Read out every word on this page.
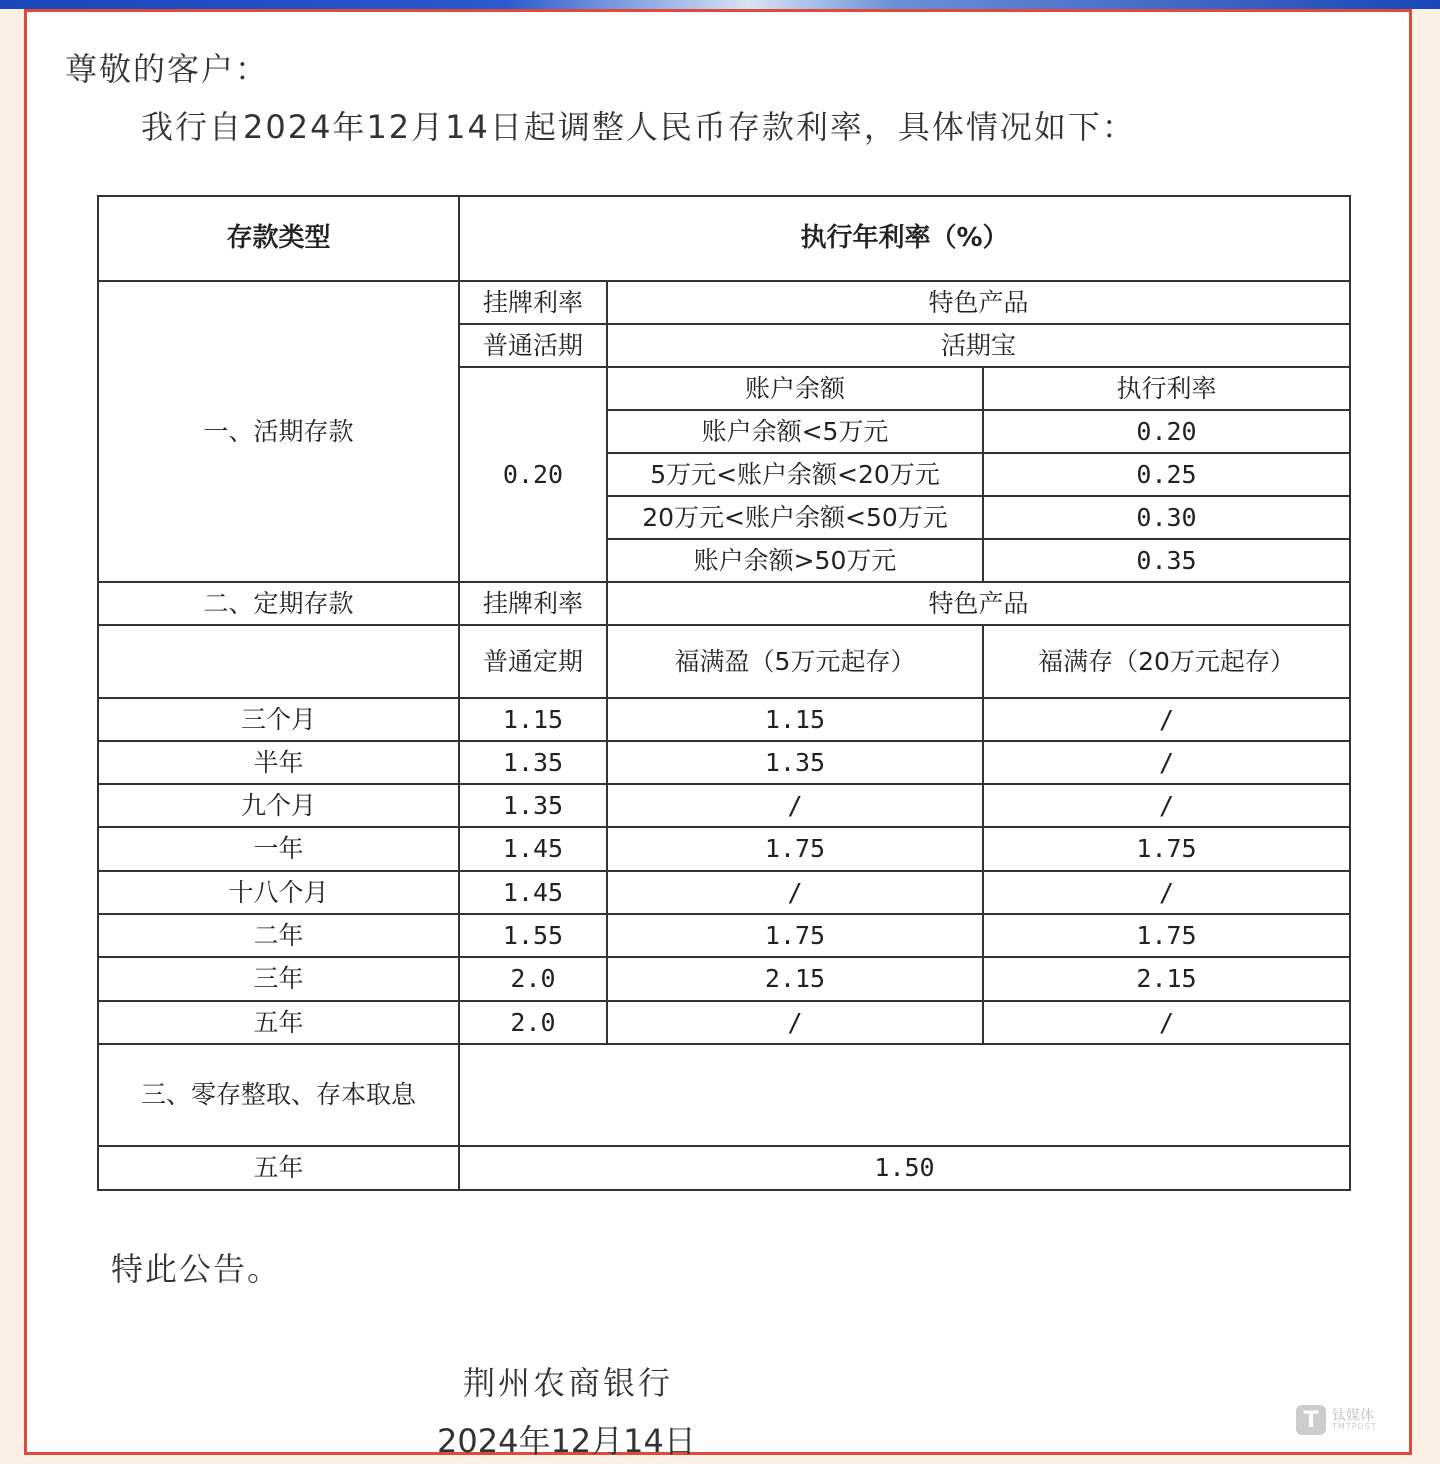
尊敬的客户：
我行自2024年12月14日起调整人民币存款利率，具体情况如下：
存款类型	执行年利率（%）		
一、活期存款	挂牌利率	特色产品	
	普通活期	活期宝	
	0.20	账户余额	执行利率
		账户余额<5万元	0.20
		5万元<账户余额<20万元	0.25
		20万元<账户余额<50万元	0.30
		账户余额>50万元	0.35
二、定期存款	挂牌利率	特色产品	
	普通定期	福满盈（5万元起存）	福满存（20万元起存）
三个月	1.15	1.15	/
半年	1.35	1.35	/
九个月	1.35	/	/
一年	1.45	1.75	1.75
十八个月	1.45	/	/
二年	1.55	1.75	1.75
三年	2.0	2.15	2.15
五年	2.0	/	/
三、零存整取、存本取息			
五年	1.50		
特此公告。
荆州农商银行
2024年12月14日
T 钛媒体
TMTPOST
